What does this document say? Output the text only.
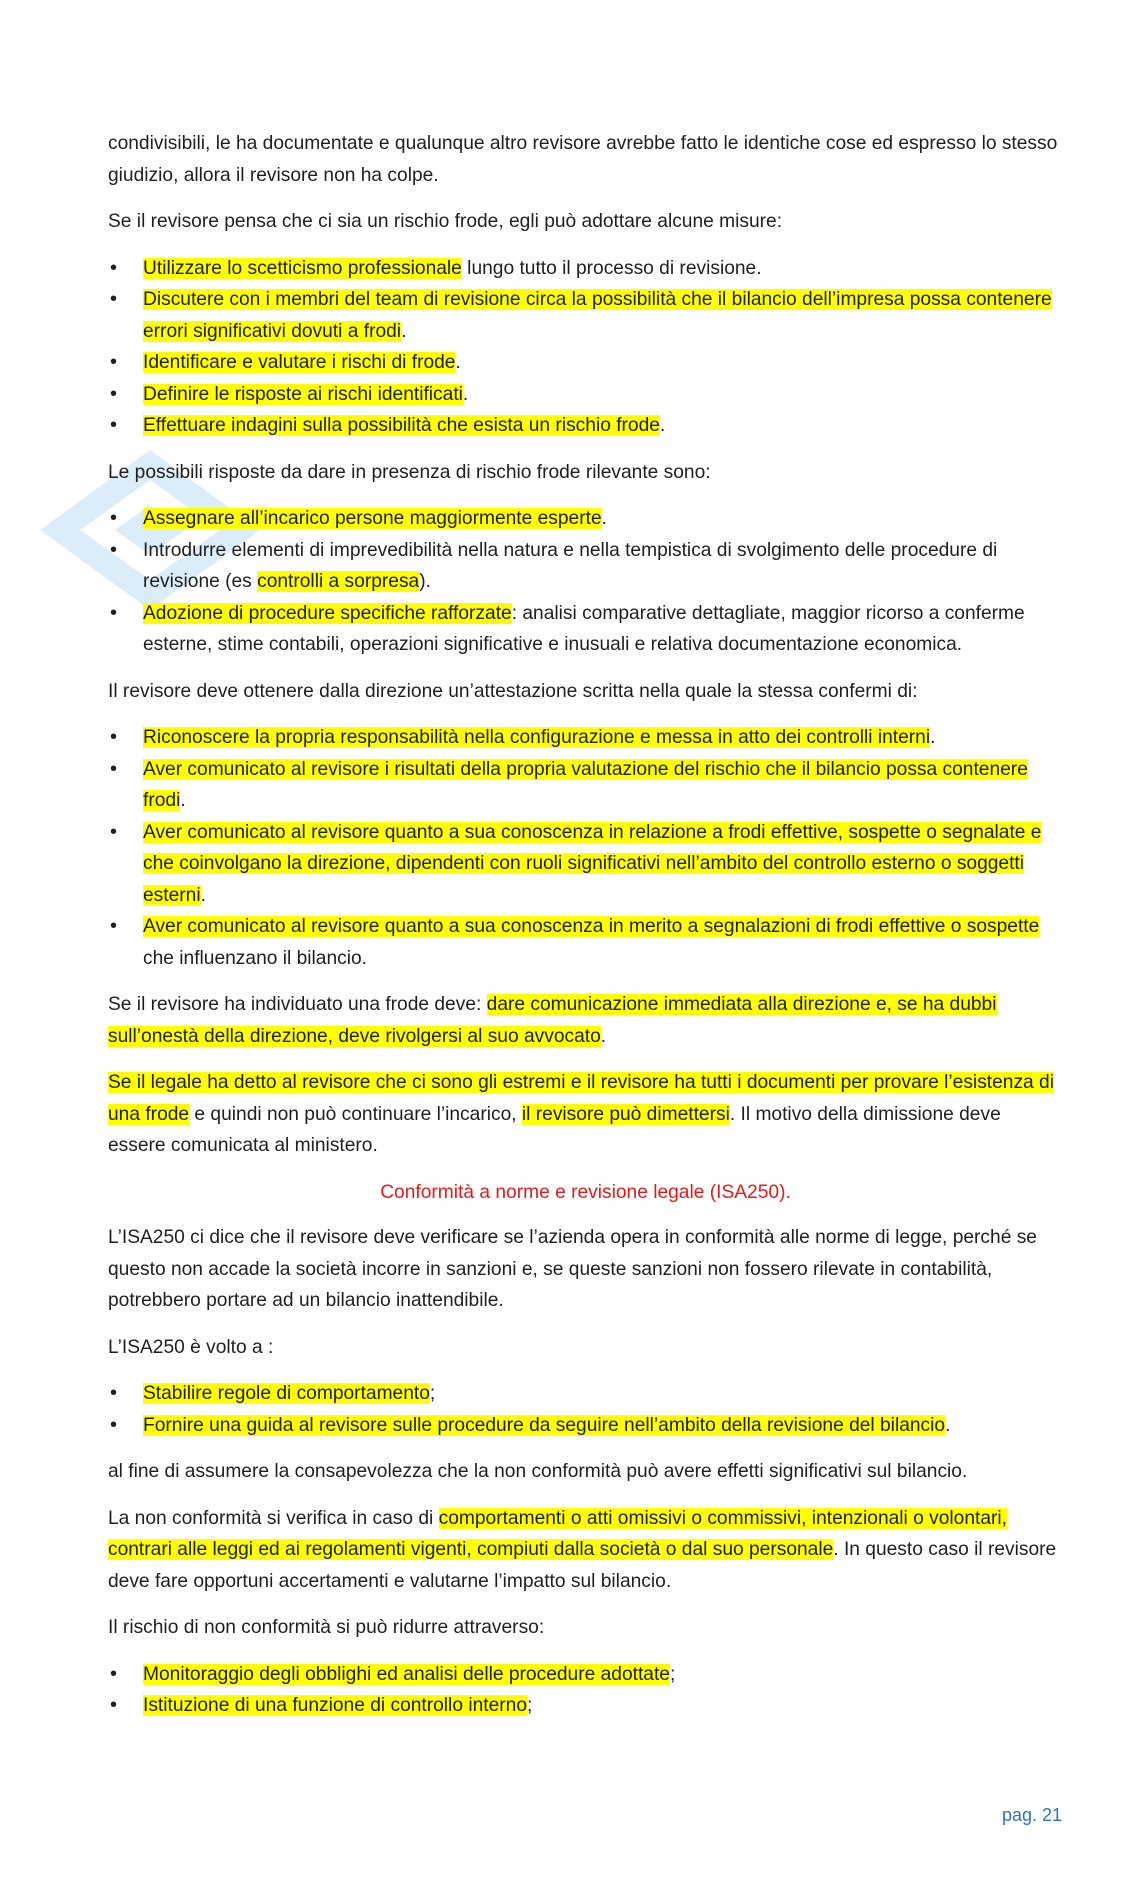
condivisibili, le ha documentate e qualunque altro revisore avrebbe fatto le identiche cose ed espresso lo stesso giudizio, allora il revisore non ha colpe.

Se il revisore pensa che ci sia un rischio frode, egli può adottare alcune misure:

• Utilizzare lo scetticismo professionale lungo tutto il processo di revisione.
• Discutere con i membri del team di revisione circa la possibilità che il bilancio dell’impresa possa contenere errori significativi dovuti a frodi.
• Identificare e valutare i rischi di frode.
• Definire le risposte ai rischi identificati.
• Effettuare indagini sulla possibilità che esista un rischio frode.

Le possibili risposte da dare in presenza di rischio frode rilevante sono:

• Assegnare all’incarico persone maggiormente esperte.
• Introdurre elementi di imprevedibilità nella natura e nella tempistica di svolgimento delle procedure di revisione (es controlli a sorpresa).
• Adozione di procedure specifiche rafforzate: analisi comparative dettagliate, maggior ricorso a conferme esterne, stime contabili, operazioni significative e inusuali e relativa documentazione economica.

Il revisore deve ottenere dalla direzione un’attestazione scritta nella quale la stessa confermi di:

• Riconoscere la propria responsabilità nella configurazione e messa in atto dei controlli interni.
• Aver comunicato al revisore i risultati della propria valutazione del rischio che il bilancio possa contenere frodi.
• Aver comunicato al revisore quanto a sua conoscenza in relazione a frodi effettive, sospette o segnalate e che coinvolgano la direzione, dipendenti con ruoli significativi nell’ambito del controllo esterno o soggetti esterni.
• Aver comunicato al revisore quanto a sua conoscenza in merito a segnalazioni di frodi effettive o sospette che influenzano il bilancio.

Se il revisore ha individuato una frode deve: dare comunicazione immediata alla direzione e, se ha dubbi sull’onestà della direzione, deve rivolgersi al suo avvocato.

Se il legale ha detto al revisore che ci sono gli estremi e il revisore ha tutti i documenti per provare l’esistenza di una frode e quindi non può continuare l’incarico, il revisore può dimettersi. Il motivo della dimissione deve essere comunicata al ministero.

Conformità a norme e revisione legale (ISA250).

L’ISA250 ci dice che il revisore deve verificare se l’azienda opera in conformità alle norme di legge, perché se questo non accade la società incorre in sanzioni e, se queste sanzioni non fossero rilevate in contabilità, potrebbero portare ad un bilancio inattendibile.

L’ISA250 è volto a :

• Stabilire regole di comportamento;
• Fornire una guida al revisore sulle procedure da seguire nell’ambito della revisione del bilancio.

al fine di assumere la consapevolezza che la non conformità può avere effetti significativi sul bilancio.

La non conformità si verifica in caso di comportamenti o atti omissivi o commissivi, intenzionali o volontari, contrari alle leggi ed ai regolamenti vigenti, compiuti dalla società o dal suo personale. In questo caso il revisore deve fare opportuni accertamenti e valutarne l’impatto sul bilancio.

Il rischio di non conformità si può ridurre attraverso:

• Monitoraggio degli obblighi ed analisi delle procedure adottate;
• Istituzione di una funzione di controllo interno;
pag. 21
